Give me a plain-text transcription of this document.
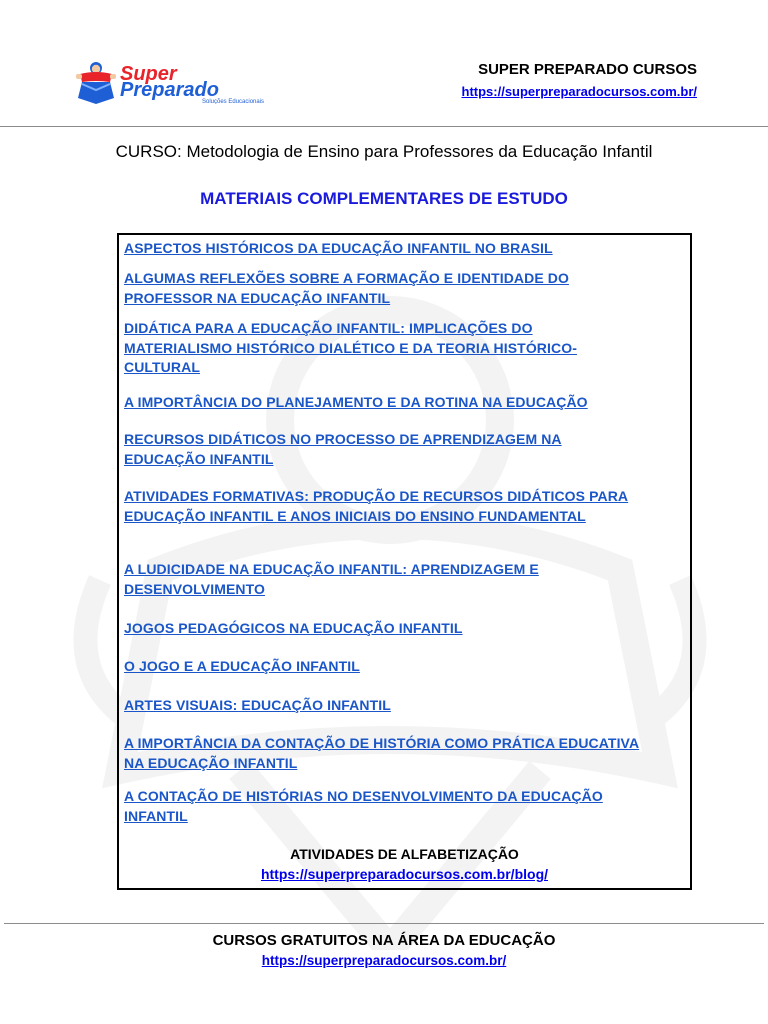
Super
Preparado
Soluções Educacionais
SUPER PREPARADO CURSOS
https://superpreparadocursos.com.br/
CURSO: Metodologia de Ensino para Professores da Educação Infantil
MATERIAIS COMPLEMENTARES DE ESTUDO
ASPECTOS HISTÓRICOS DA EDUCAÇÃO INFANTIL NO BRASIL
ALGUMAS REFLEXÕES SOBRE A FORMAÇÃO E IDENTIDADE DO PROFESSOR NA EDUCAÇÃO INFANTIL
DIDÁTICA PARA A EDUCAÇÃO INFANTIL: IMPLICAÇÕES DO MATERIALISMO HISTÓRICO DIALÉTICO E DA TEORIA HISTÓRICO-CULTURAL
A IMPORTÂNCIA DO PLANEJAMENTO E DA ROTINA NA EDUCAÇÃO
RECURSOS DIDÁTICOS NO PROCESSO DE APRENDIZAGEM NA EDUCAÇÃO INFANTIL
ATIVIDADES FORMATIVAS: PRODUÇÃO DE RECURSOS DIDÁTICOS PARA EDUCAÇÃO INFANTIL E ANOS INICIAIS DO ENSINO FUNDAMENTAL
A LUDICIDADE NA EDUCAÇÃO INFANTIL: APRENDIZAGEM E DESENVOLVIMENTO
JOGOS PEDAGÓGICOS NA EDUCAÇÃO INFANTIL
O JOGO E A EDUCAÇÃO INFANTIL
ARTES VISUAIS: EDUCAÇÃO INFANTIL
A IMPORTÂNCIA DA CONTAÇÃO DE HISTÓRIA COMO PRÁTICA EDUCATIVA NA EDUCAÇÃO INFANTIL
A CONTAÇÃO DE HISTÓRIAS NO DESENVOLVIMENTO DA EDUCAÇÃO INFANTIL
ATIVIDADES DE ALFABETIZAÇÃO
https://superpreparadocursos.com.br/blog/
CURSOS GRATUITOS NA ÁREA DA EDUCAÇÃO
https://superpreparadocursos.com.br/
